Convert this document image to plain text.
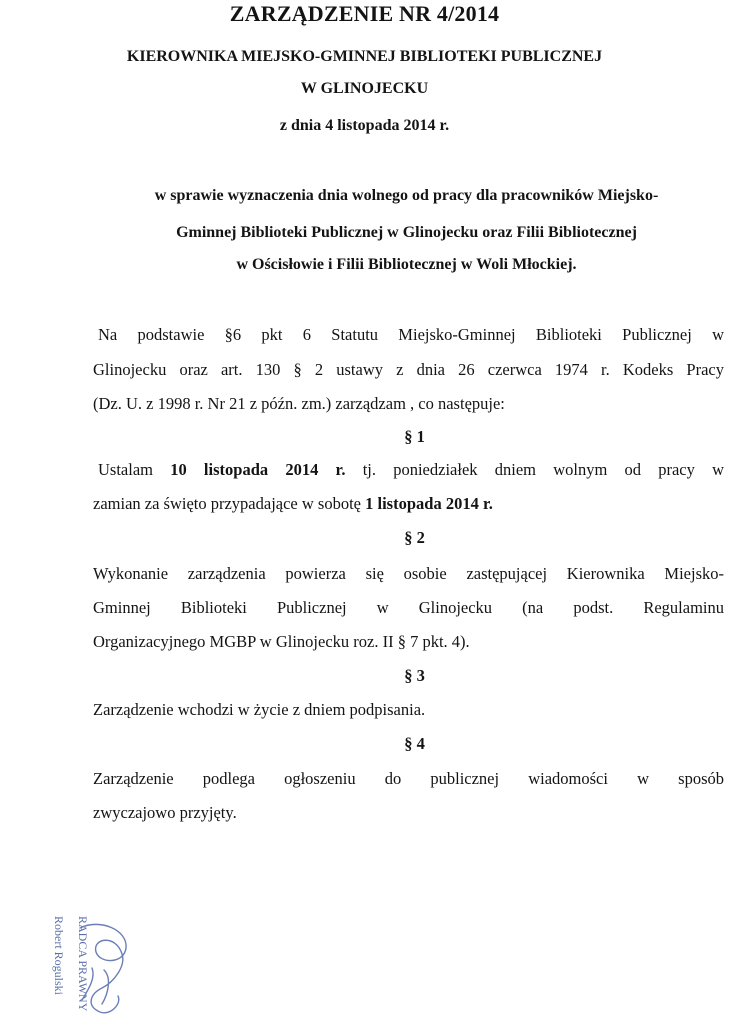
ZARZĄDZENIE NR 4/2014
KIEROWNIKA MIEJSKO-GMINNEJ BIBLIOTEKI PUBLICZNEJ
W GLINOJECKU
z dnia 4 listopada 2014 r.
w sprawie wyznaczenia dnia wolnego od pracy dla pracowników Miejsko-
Gminnej Biblioteki Publicznej w Glinojecku oraz Filii Bibliotecznej
w Ościsłowie i Filii Bibliotecznej w Woli Młockiej.
Na podstawie §6 pkt 6 Statutu Miejsko-Gminnej Biblioteki Publicznej w
Glinojecku oraz art. 130 § 2 ustawy z dnia 26 czerwca 1974 r. Kodeks Pracy
(Dz. U. z 1998 r. Nr 21 z późn. zm.) zarządzam , co następuje:
§ 1
Ustalam 10 listopada 2014 r. tj. poniedziałek dniem wolnym od pracy w
zamian za święto przypadające w sobotę 1 listopada 2014 r.
§ 2
Wykonanie zarządzenia powierza się osobie zastępującej Kierownika Miejsko-
Gminnej Biblioteki Publicznej w Glinojecku (na podst. Regulaminu
Organizacyjnego MGBP w Glinojecku roz. II § 7 pkt. 4).
§ 3
Zarządzenie wchodzi w życie z dniem podpisania.
§ 4
Zarządzenie podlega ogłoszeniu do publicznej wiadomości w sposób
zwyczajowo przyjęty.
RADCA PRAWNY
Robert Rogulski
